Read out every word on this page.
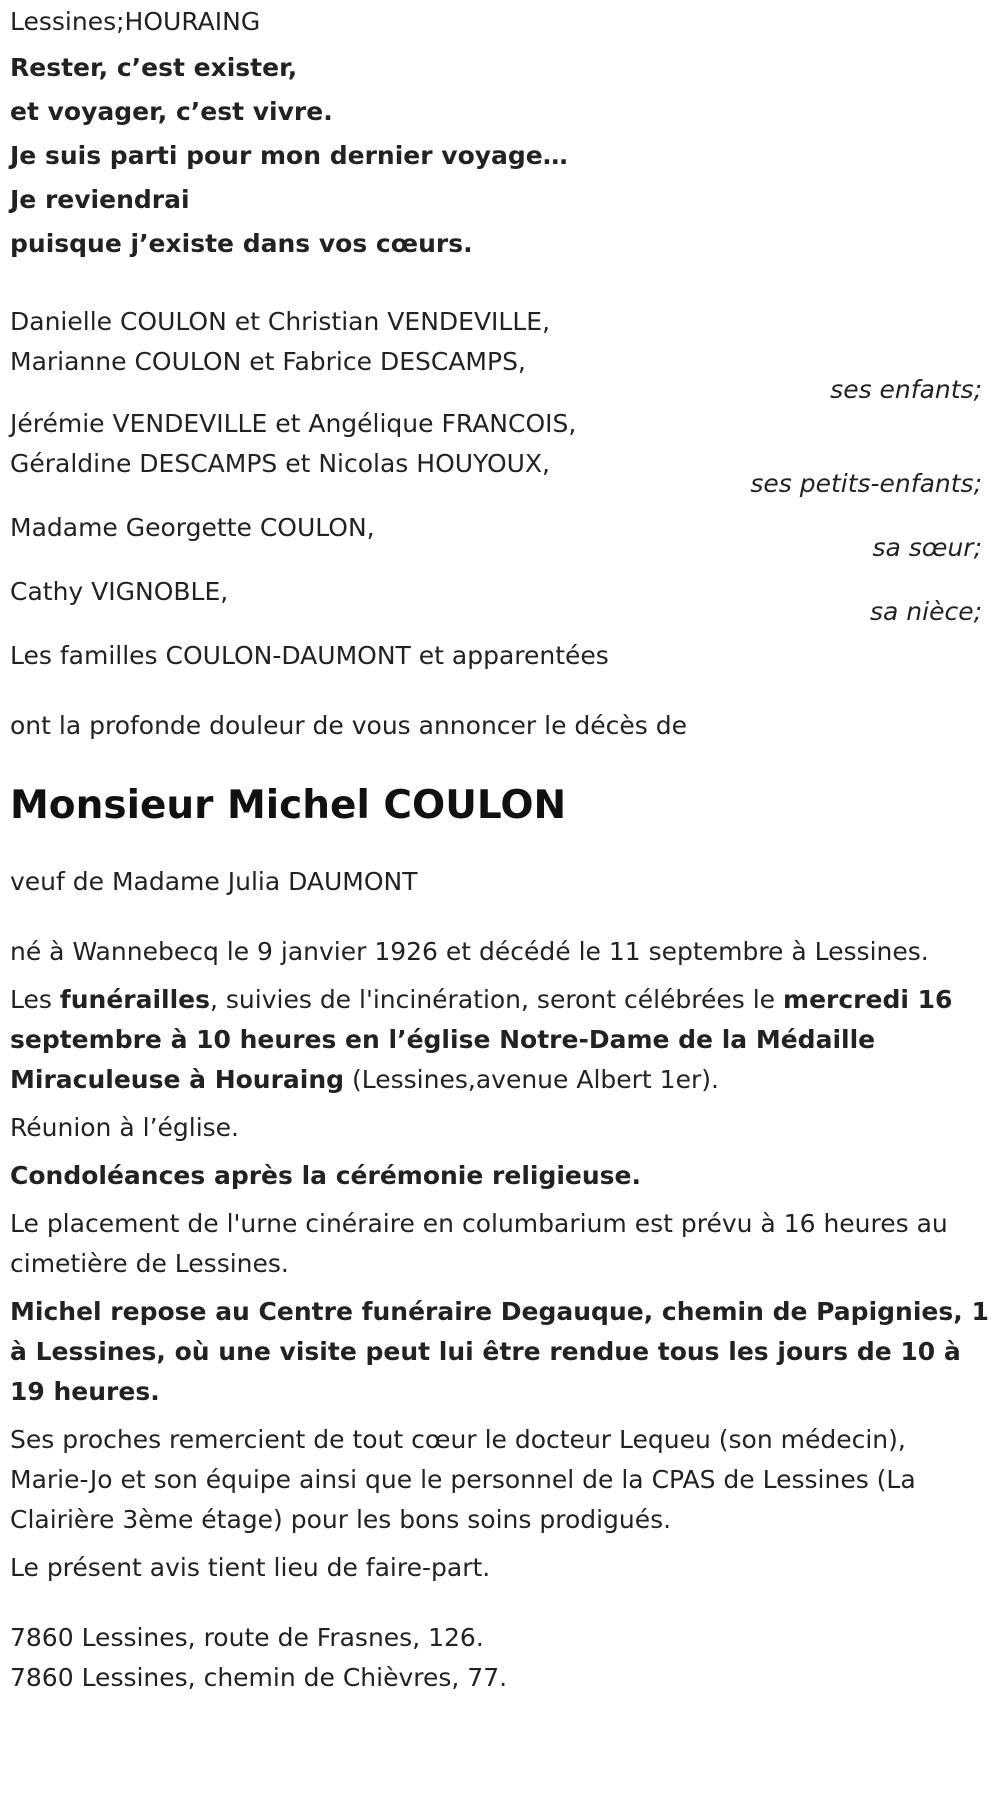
Lessines;HOURAING

Rester, c’est exister,

et voyager, c’est vivre.

Je suis parti pour mon dernier voyage…

Je reviendrai

puisque j’existe dans vos cœurs.

Danielle COULON et Christian VENDEVILLE,

Marianne COULON et Fabrice DESCAMPS,

ses enfants;

Jérémie VENDEVILLE et Angélique FRANCOIS,

Géraldine DESCAMPS et Nicolas HOUYOUX,

ses petits-enfants;

Madame Georgette COULON,

sa sœur;

Cathy VIGNOBLE,

sa nièce;

Les familles COULON-DAUMONT et apparentées

ont la profonde douleur de vous annoncer le décès de

Monsieur Michel COULON

veuf de Madame Julia DAUMONT

né à Wannebecq le 9 janvier 1926 et décédé le 11 septembre à Lessines.

Les funérailles, suivies de l'incinération, seront célébrées le mercredi 16 septembre à 10 heures en l’église Notre-Dame de la Médaille Miraculeuse à Houraing (Lessines,avenue Albert 1er).

Réunion à l’église.

Condoléances après la cérémonie religieuse.

Le placement de l'urne cinéraire en columbarium est prévu à 16 heures au cimetière de Lessines.

Michel repose au Centre funéraire Degauque, chemin de Papignies, 1 à Lessines, où une visite peut lui être rendue tous les jours de 10 à 19 heures.

Ses proches remercient de tout cœur le docteur Lequeu (son médecin), Marie-Jo et son équipe ainsi que le personnel de la CPAS de Lessines (La Clairière 3ème étage) pour les bons soins prodigués.

Le présent avis tient lieu de faire-part.

7860 Lessines, route de Frasnes, 126.

7860 Lessines, chemin de Chièvres, 77.
